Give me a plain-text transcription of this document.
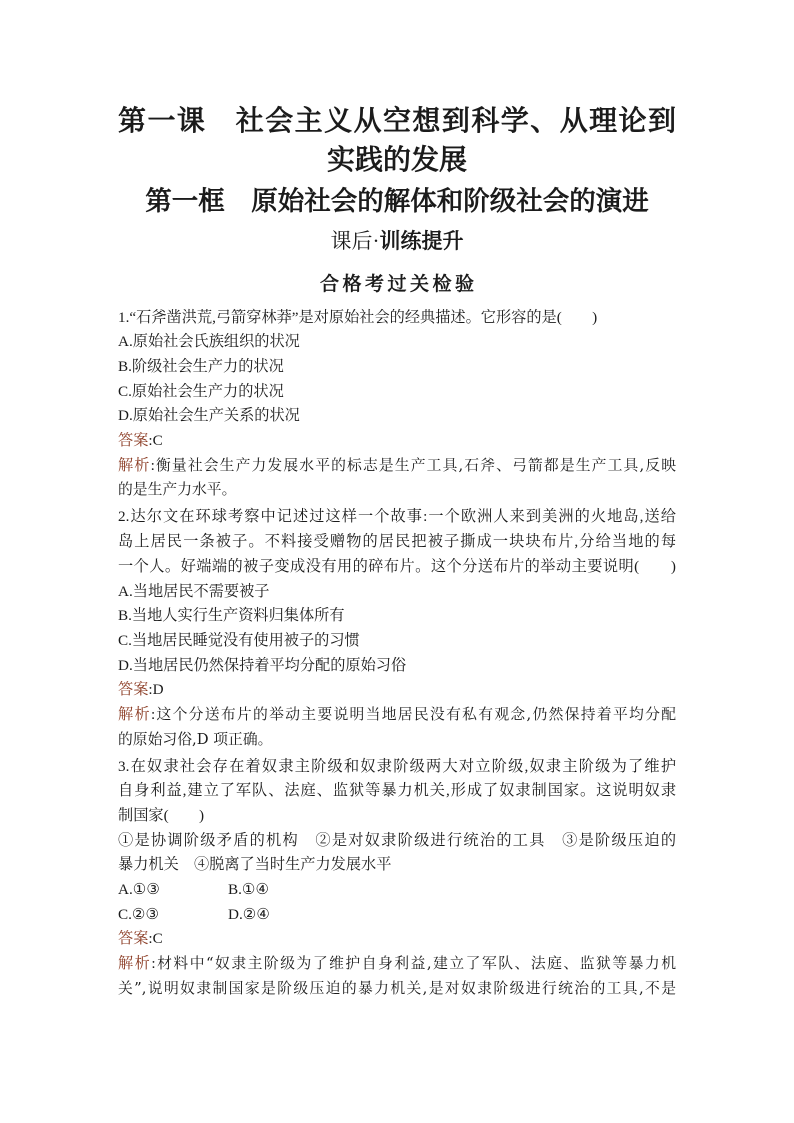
第一课　社会主义从空想到科学、从理论到实践的发展
第一框　原始社会的解体和阶级社会的演进
课后·训练提升
合格考过关检验
1.“石斧凿洪荒,弓箭穿林莽”是对原始社会的经典描述。它形容的是(　　)
A.原始社会氏族组织的状况
B.阶级社会生产力的状况
C.原始社会生产力的状况
D.原始社会生产关系的状况
答案:C
解析:衡量社会生产力发展水平的标志是生产工具,石斧、弓箭都是生产工具,反映
的是生产力水平。
2.达尔文在环球考察中记述过这样一个故事:一个欧洲人来到美洲的火地岛,送给
岛上居民一条被子。不料接受赠物的居民把被子撕成一块块布片,分给当地的每
一个人。好端端的被子变成没有用的碎布片。这个分送布片的举动主要说明(　　)
A.当地居民不需要被子
B.当地人实行生产资料归集体所有
C.当地居民睡觉没有使用被子的习惯
D.当地居民仍然保持着平均分配的原始习俗
答案:D
解析:这个分送布片的举动主要说明当地居民没有私有观念,仍然保持着平均分配
的原始习俗,D 项正确。
3.在奴隶社会存在着奴隶主阶级和奴隶阶级两大对立阶级,奴隶主阶级为了维护
自身利益,建立了军队、法庭、监狱等暴力机关,形成了奴隶制国家。这说明奴隶
制国家(　　)
①是协调阶级矛盾的机构　②是对奴隶阶级进行统治的工具　③是阶级压迫的
暴力机关　④脱离了当时生产力发展水平
A.①③	B.①④
C.②③	D.②④
答案:C
解析:材料中“奴隶主阶级为了维护自身利益,建立了军队、法庭、监狱等暴力机
关”,说明奴隶制国家是阶级压迫的暴力机关,是对奴隶阶级进行统治的工具,不是
